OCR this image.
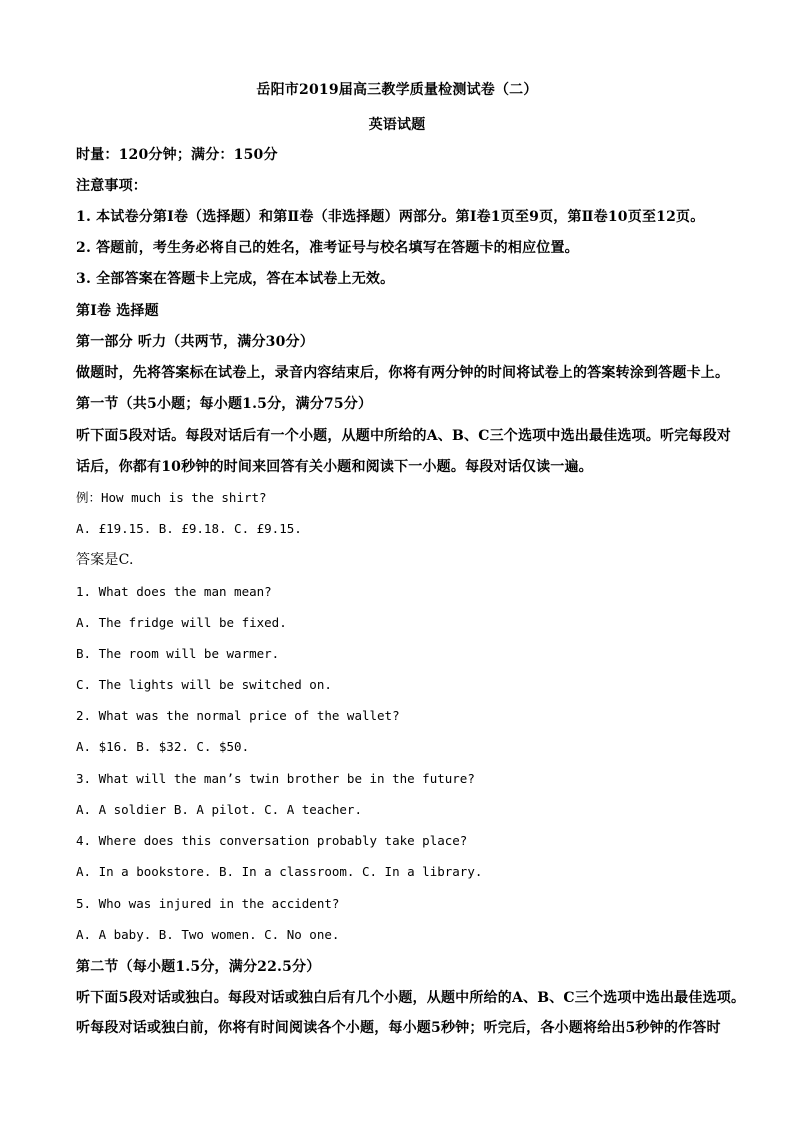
岳阳市2019届高三教学质量检测试卷（二）
英语试题
时量：120分钟；满分：150分
注意事项：
1. 本试卷分第Ⅰ卷（选择题）和第Ⅱ卷（非选择题）两部分。第Ⅰ卷1页至9页，第Ⅱ卷10页至12页。
2. 答题前，考生务必将自己的姓名，准考证号与校名填写在答题卡的相应位置。
3. 全部答案在答题卡上完成，答在本试卷上无效。
第Ⅰ卷 选择题
第一部分 听力（共两节，满分30分）
做题时，先将答案标在试卷上，录音内容结束后，你将有两分钟的时间将试卷上的答案转涂到答题卡上。
第一节（共5小题；每小题1.5分，满分75分）
听下面5段对话。每段对话后有一个小题，从题中所给的A、B、C三个选项中选出最佳选项。听完每段对
话后，你都有10秒钟的时间来回答有关小题和阅读下一小题。每段对话仅读一遍。
例：How much is the shirt?
A. £19.15. B. £9.18. C. £9.15.
答案是C.
1. What does the man mean?
A. The fridge will be fixed.
B. The room will be warmer.
C. The lights will be switched on.
2. What was the normal price of the wallet?
A. $16. B. $32. C. $50.
3. What will the man’s twin brother be in the future?
A. A soldier B. A pilot. C. A teacher.
4. Where does this conversation probably take place?
A. In a bookstore. B. In a classroom. C. In a library.
5. Who was injured in the accident?
A. A baby. B. Two women. C. No one.
第二节（每小题1.5分，满分22.5分）
听下面5段对话或独白。每段对话或独白后有几个小题，从题中所给的A、B、C三个选项中选出最佳选项。
听每段对话或独白前，你将有时间阅读各个小题，每小题5秒钟；听完后，各小题将给出5秒钟的作答时
